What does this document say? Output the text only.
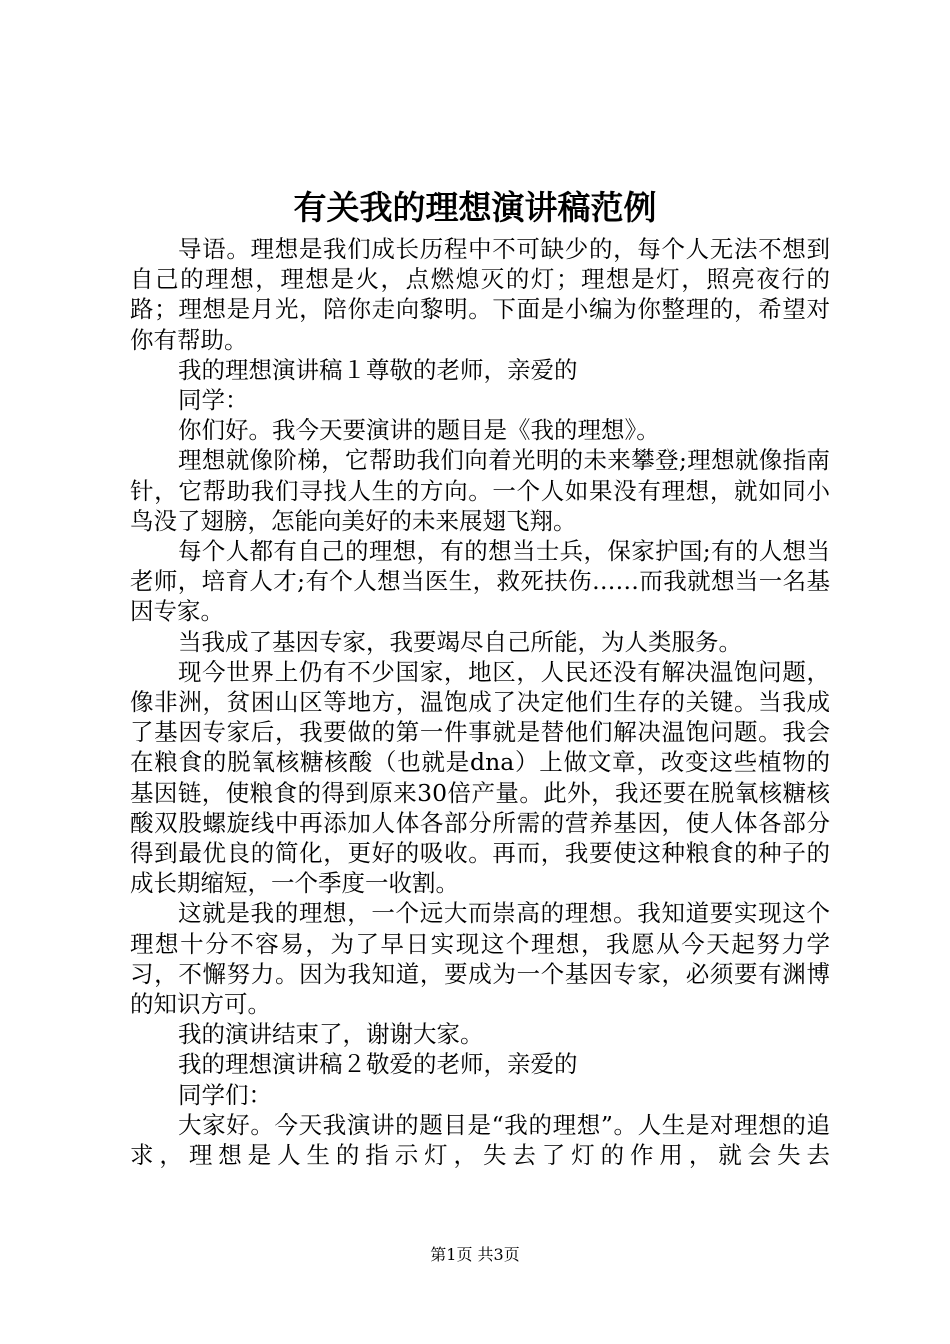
有关我的理想演讲稿范例

导语。理想是我们成长历程中不可缺少的，每个人无法不想到自己的理想，理想是火，点燃熄灭的灯；理想是灯，照亮夜行的路；理想是月光，陪你走向黎明。下面是小编为你整理的，希望对你有帮助。

我的理想演讲稿１尊敬的老师，亲爱的

同学：

你们好。我今天要演讲的题目是《我的理想》。

理想就像阶梯，它帮助我们向着光明的未来攀登;理想就像指南针，它帮助我们寻找人生的方向。一个人如果没有理想，就如同小鸟没了翅膀，怎能向美好的未来展翅飞翔。

每个人都有自己的理想，有的想当士兵，保家护国;有的人想当老师，培育人才;有个人想当医生，救死扶伤……而我就想当一名基因专家。

当我成了基因专家，我要竭尽自己所能，为人类服务。

现今世界上仍有不少国家，地区，人民还没有解决温饱问题，像非洲，贫困山区等地方，温饱成了决定他们生存的关键。当我成了基因专家后，我要做的第一件事就是替他们解决温饱问题。我会在粮食的脱氧核糖核酸（也就是dna）上做文章，改变这些植物的基因链，使粮食的得到原来30倍产量。此外，我还要在脱氧核糖核酸双股螺旋线中再添加人体各部分所需的营养基因，使人体各部分得到最优良的简化，更好的吸收。再而，我要使这种粮食的种子的成长期缩短，一个季度一收割。

这就是我的理想，一个远大而崇高的理想。我知道要实现这个理想十分不容易，为了早日实现这个理想，我愿从今天起努力学习，不懈努力。因为我知道，要成为一个基因专家，必须要有渊博的知识方可。

我的演讲结束了，谢谢大家。

我的理想演讲稿２敬爱的老师，亲爱的

同学们：

大家好。今天我演讲的题目是“我的理想”。人生是对理想的追求，理想是人生的指示灯，失去了灯的作用，就会失去

第1页 共3页
